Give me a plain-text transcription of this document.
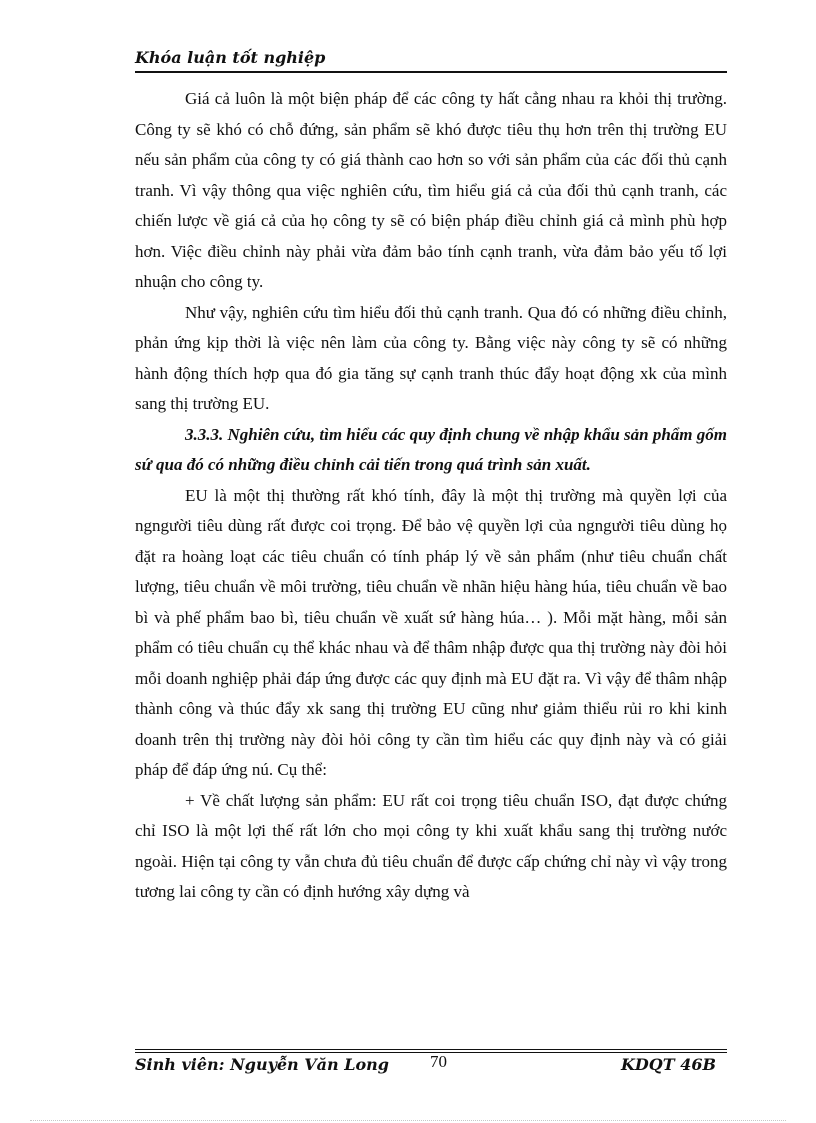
Khóa luận tốt nghiệp

Giá cả luôn là một biện pháp để các công ty hất cẳng nhau ra khỏi thị trường. Công ty sẽ khó có chỗ đứng, sản phẩm sẽ khó được tiêu thụ hơn trên thị trường EU nếu sản phẩm của công ty có giá thành cao hơn so với sản phẩm của các đối thủ cạnh tranh. Vì vậy thông qua việc nghiên cứu, tìm hiểu giá cả của đối thủ cạnh tranh, các chiến lược về giá cả của họ công ty sẽ có biện pháp điều chỉnh giá cả mình phù hợp hơn. Việc điều chỉnh này phải vừa đảm bảo tính cạnh tranh, vừa đảm bảo yếu tố lợi nhuận cho công ty.

Như vậy, nghiên cứu tìm hiểu đối thủ cạnh tranh. Qua đó có những điều chỉnh, phản ứng kịp thời là việc nên làm của công ty. Bằng việc này công ty sẽ có những hành động thích hợp qua đó gia tăng sự cạnh tranh thúc đẩy hoạt động xk của mình sang thị trường EU.

3.3.3. Nghiên cứu, tìm hiểu các quy định chung về nhập khẩu sản phẩm gốm sứ qua đó có những điều chỉnh cải tiến trong quá trình sản xuất.

EU là một thị thường rất khó tính, đây là một thị trường mà quyền lợi của ngngười tiêu dùng rất được coi trọng. Để bảo vệ quyền lợi của ngngười tiêu dùng họ đặt ra hoàng loạt các tiêu chuẩn có tính pháp lý về sản phẩm (như tiêu chuẩn chất lượng, tiêu chuẩn về môi trường, tiêu chuẩn về nhãn hiệu hàng húa, tiêu chuẩn về bao bì và phế phẩm bao bì, tiêu chuẩn về xuất sứ hàng húa… ). Mỗi mặt hàng, mỗi sản phẩm có tiêu chuẩn cụ thể khác nhau và để thâm nhập được qua thị trường này đòi hỏi mỗi doanh nghiệp phải đáp ứng được các quy định mà EU đặt ra. Vì vậy để thâm nhập thành công và thúc đẩy xk sang thị trường EU cũng như giảm thiểu rủi ro khi kinh doanh trên thị trường này đòi hỏi công ty cần tìm hiểu các quy định này và có giải pháp để đáp ứng nú. Cụ thể:

+ Về chất lượng sản phẩm: EU rất coi trọng tiêu chuẩn ISO, đạt được chứng chỉ ISO là một lợi thế rất lớn cho mọi công ty khi xuất khẩu sang thị trường nước ngoài. Hiện tại công ty vẫn chưa đủ tiêu chuẩn để được cấp chứng chỉ này vì vậy trong tương lai công ty cần có định hướng xây dựng và

Sinh viên: Nguyễn Văn Long 70	KDQT 46B
